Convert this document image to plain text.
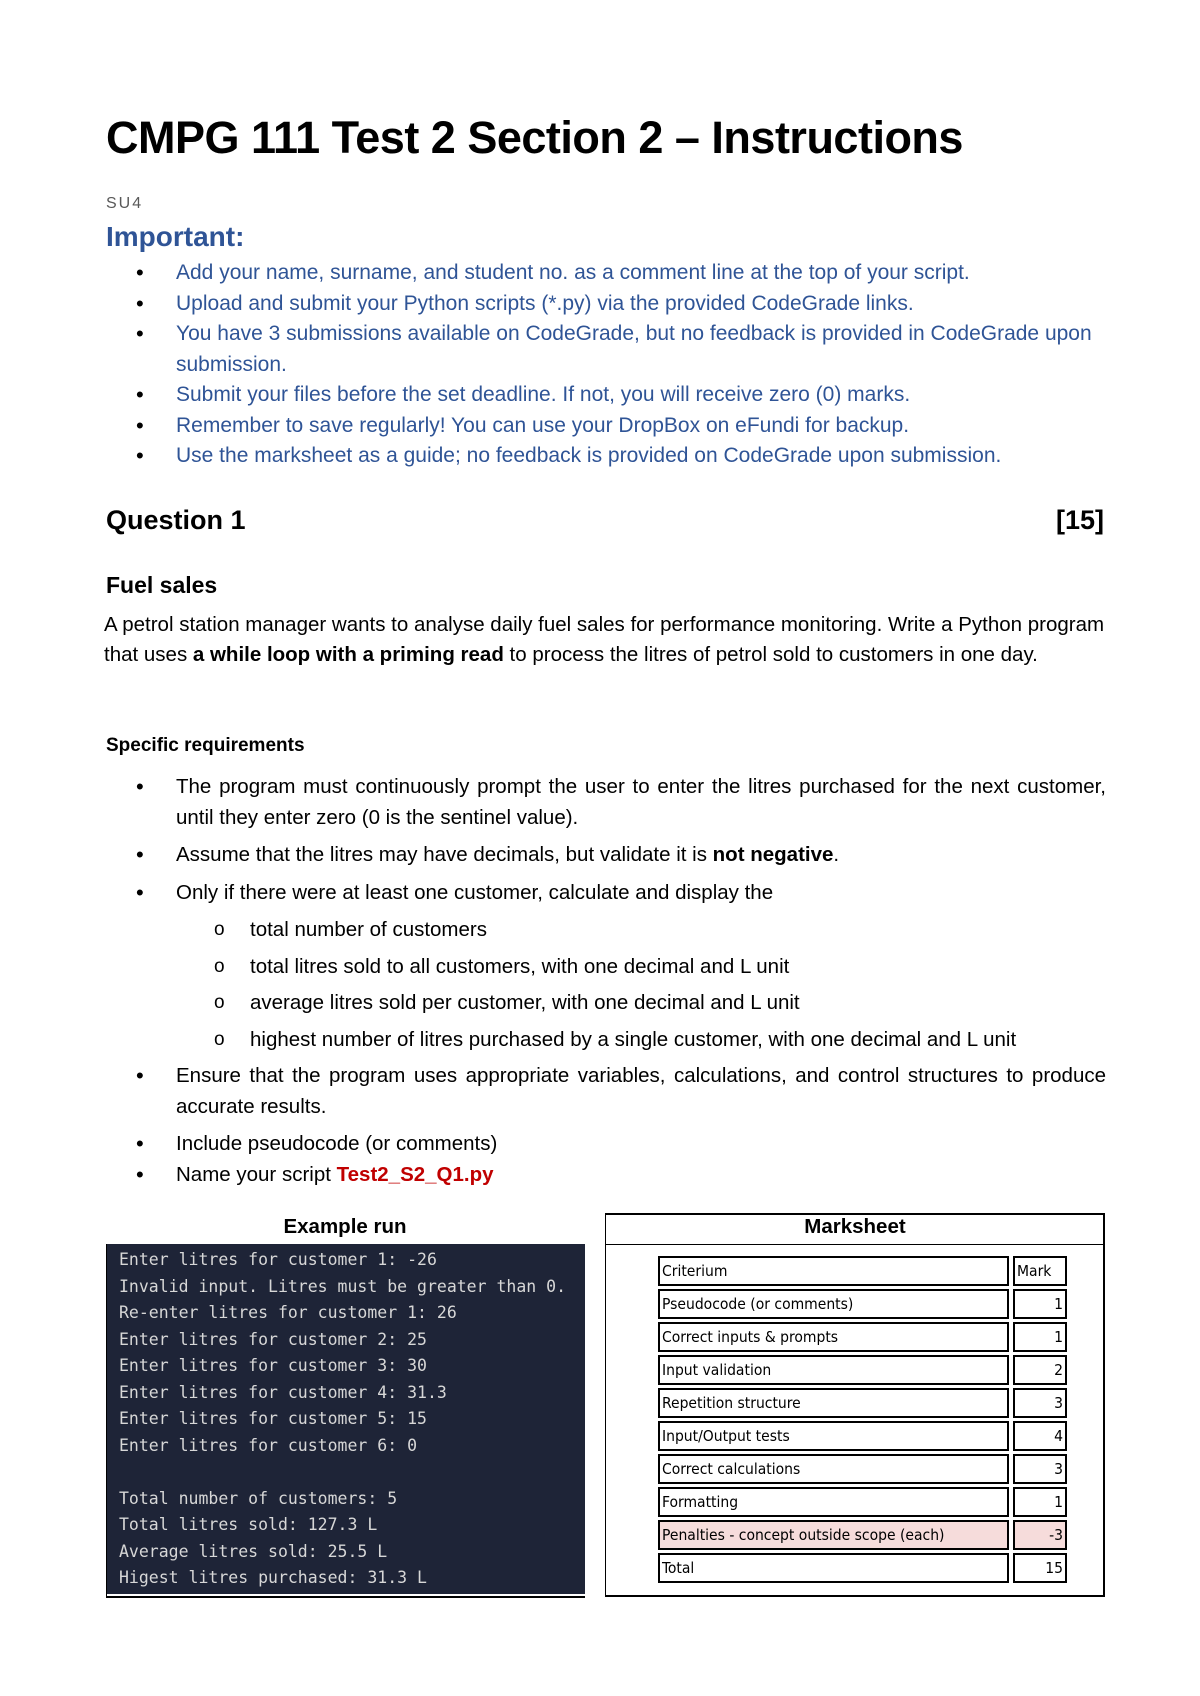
CMPG 111 Test 2 Section 2 – Instructions
SU4
Important:
• Add your name, surname, and student no. as a comment line at the top of your script.
• Upload and submit your Python scripts (*.py) via the provided CodeGrade links.
• You have 3 submissions available on CodeGrade, but no feedback is provided in CodeGrade upon submission.
• Submit your files before the set deadline. If not, you will receive zero (0) marks.
• Remember to save regularly! You can use your DropBox on eFundi for backup.
• Use the marksheet as a guide; no feedback is provided on CodeGrade upon submission.
Question 1	[15]
Fuel sales
A petrol station manager wants to analyse daily fuel sales for performance monitoring. Write a Python program that uses a while loop with a priming read to process the litres of petrol sold to customers in one day.
Specific requirements
• The program must continuously prompt the user to enter the litres purchased for the next customer, until they enter zero (0 is the sentinel value).
• Assume that the litres may have decimals, but validate it is not negative.
• Only if there were at least one customer, calculate and display the
o total number of customers
o total litres sold to all customers, with one decimal and L unit
o average litres sold per customer, with one decimal and L unit
o highest number of litres purchased by a single customer, with one decimal and L unit
• Ensure that the program uses appropriate variables, calculations, and control structures to produce accurate results.
• Include pseudocode (or comments)
• Name your script Test2_S2_Q1.py
Example run
Enter litres for customer 1: -26
Invalid input. Litres must be greater than 0.
Re-enter litres for customer 1: 26
Enter litres for customer 2: 25
Enter litres for customer 3: 30
Enter litres for customer 4: 31.3
Enter litres for customer 5: 15
Enter litres for customer 6: 0
Total number of customers: 5
Total litres sold: 127.3 L
Average litres sold: 25.5 L
Higest litres purchased: 31.3 L
Marksheet
Criterium		Mark
Pseudocode (or comments)		1
Correct inputs & prompts		1
Input validation		2
Repetition structure		3
Input/Output tests		4
Correct calculations		3
Formatting		1
Penalties - concept outside scope (each)		-3
Total		15
